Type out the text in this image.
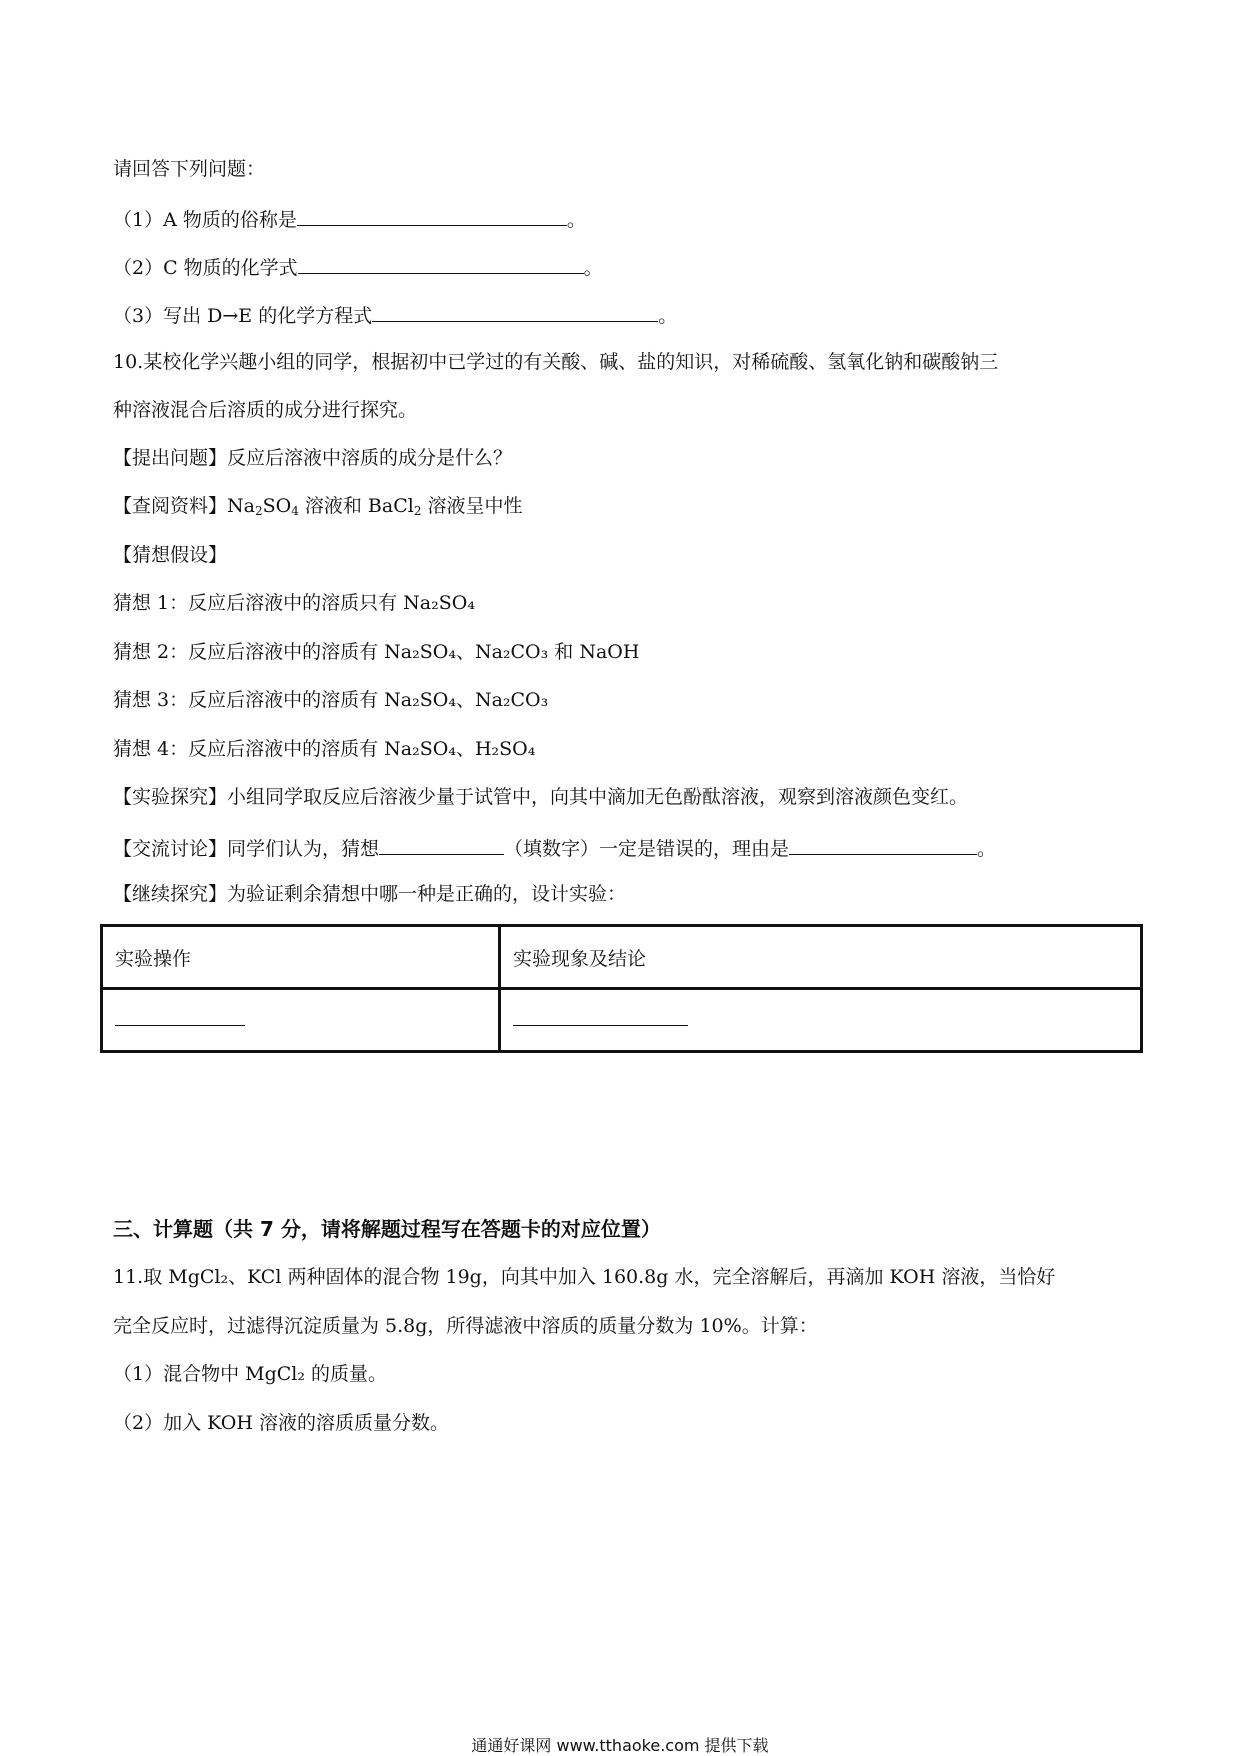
请回答下列问题：
（1）A 物质的俗称是	。
（2）C 物质的化学式	。
（3）写出 D→E 的化学方程式	。
10.某校化学兴趣小组的同学，根据初中已学过的有关酸、碱、盐的知识，对稀硫酸、氢氧化钠和碳酸钠三
种溶液混合后溶质的成分进行探究。
【提出问题】反应后溶液中溶质的成分是什么？
【查阅资料】$Na_2SO_4$ 溶液和 BaCl$_2$ 溶液呈中性
【猜想假设】
猜想 1：反应后溶液中的溶质只有 Na₂SO₄
猜想 2：反应后溶液中的溶质有 Na₂SO₄、Na₂CO₃ 和 NaOH
猜想 3：反应后溶液中的溶质有 Na₂SO₄、Na₂CO₃
猜想 4：反应后溶液中的溶质有 Na₂SO₄、H₂SO₄
【实验探究】小组同学取反应后溶液少量于试管中，向其中滴加无色酚酞溶液，观察到溶液颜色变红。
【交流讨论】同学们认为，猜想	（填数字）一定是错误的，理由是	。
【继续探究】为验证剩余猜想中哪一种是正确的，设计实验：
实验操作	实验现象及结论

三、计算题（共 7 分，请将解题过程写在答题卡的对应位置）
11.取 MgCl₂、KCl 两种固体的混合物 19g，向其中加入 160.8g 水，完全溶解后，再滴加 KOH 溶液，当恰好
完全反应时，过滤得沉淀质量为 5.8g，所得滤液中溶质的质量分数为 10%。计算：
（1）混合物中 MgCl₂ 的质量。
（2）加入 KOH 溶液的溶质质量分数。
通通好课网 www.tthaoke.com 提供下载
